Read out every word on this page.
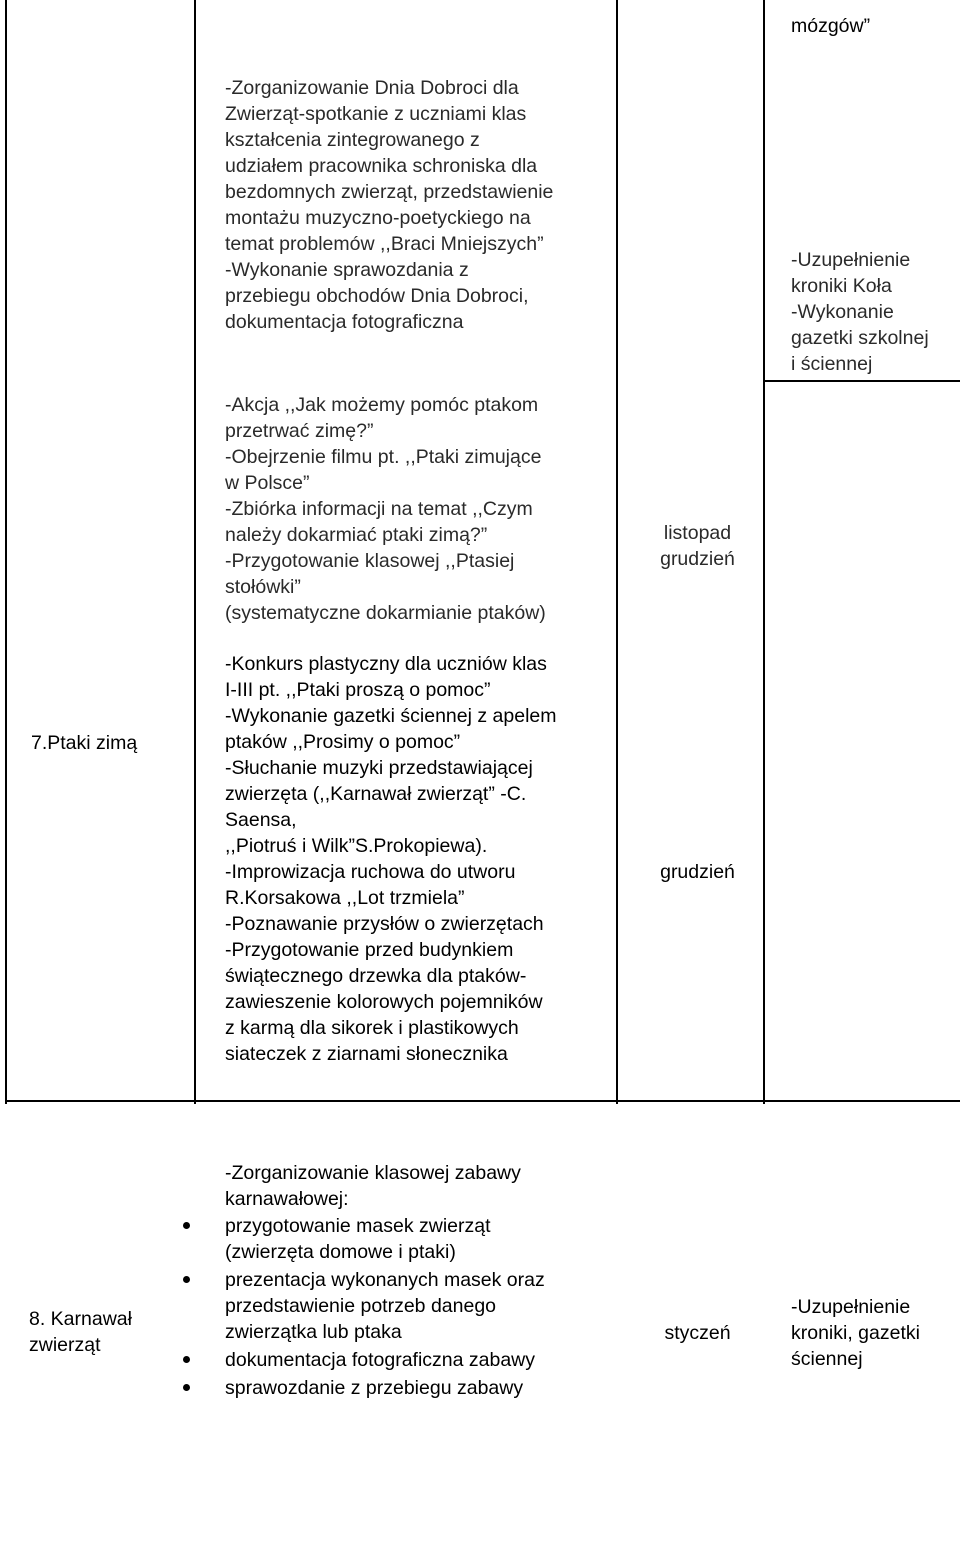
mózgów”
-Zorganizowanie Dnia Dobroci dla
Zwierząt-spotkanie z uczniami klas
kształcenia zintegrowanego z
udziałem pracownika schroniska dla
bezdomnych zwierząt, przedstawienie
montażu muzyczno-poetyckiego na
temat problemów ,,Braci Mniejszych”
-Wykonanie sprawozdania z
przebiegu obchodów Dnia Dobroci,
dokumentacja fotograficzna
-Uzupełnienie
kroniki Koła
-Wykonanie
gazetki szkolnej
i ściennej
7.Ptaki zimą
-Akcja ,,Jak możemy pomóc ptakom
przetrwać zimę?”
-Obejrzenie filmu pt. ,,Ptaki zimujące
w Polsce”
-Zbiórka informacji na temat ,,Czym
należy dokarmiać ptaki zimą?”
-Przygotowanie klasowej ,,Ptasiej
stołówki”
(systematyczne dokarmianie ptaków)
listopad
grudzień
-Konkurs plastyczny dla uczniów klas
I-III pt. ,,Ptaki proszą o pomoc”
-Wykonanie gazetki ściennej z apelem
ptaków ,,Prosimy o pomoc”
-Słuchanie muzyki przedstawiającej
zwierzęta (,,Karnawał zwierząt” -C.
Saensa,
,,Piotruś i Wilk”S.Prokopiewa).
-Improwizacja ruchowa do utworu
R.Korsakowa ,,Lot trzmiela”
-Poznawanie przysłów o zwierzętach
-Przygotowanie przed budynkiem
świątecznego drzewka dla ptaków-
zawieszenie kolorowych pojemników
z karmą dla sikorek i plastikowych
siateczek z ziarnami słonecznika
grudzień
8. Karnawał
zwierząt
-Zorganizowanie klasowej zabawy
karnawałowej:
przygotowanie masek zwierząt
(zwierzęta domowe i ptaki)
prezentacja wykonanych masek oraz
przedstawienie potrzeb danego
zwierzątka lub ptaka
dokumentacja fotograficzna zabawy
sprawozdanie z przebiegu zabawy
styczeń
-Uzupełnienie
kroniki, gazetki
ściennej
